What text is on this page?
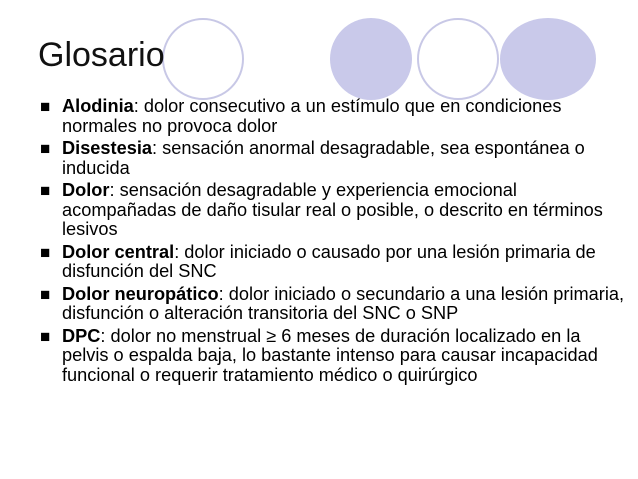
Glosario
■ Alodinia: dolor consecutivo a un estímulo que en condiciones normales no provoca dolor
■ Disestesia: sensación anormal desagradable, sea espontánea o inducida
■ Dolor: sensación desagradable y experiencia emocional acompañadas de daño tisular real o posible, o descrito en términos lesivos
■ Dolor central: dolor iniciado o causado por una lesión primaria de disfunción del SNC
■ Dolor neuropático: dolor iniciado o secundario a una lesión primaria, disfunción o alteración transitoria del SNC o SNP
■ DPC: dolor no menstrual ≥ 6 meses de duración localizado en la pelvis o espalda baja, lo bastante intenso para causar incapacidad funcional o requerir tratamiento médico o quirúrgico
